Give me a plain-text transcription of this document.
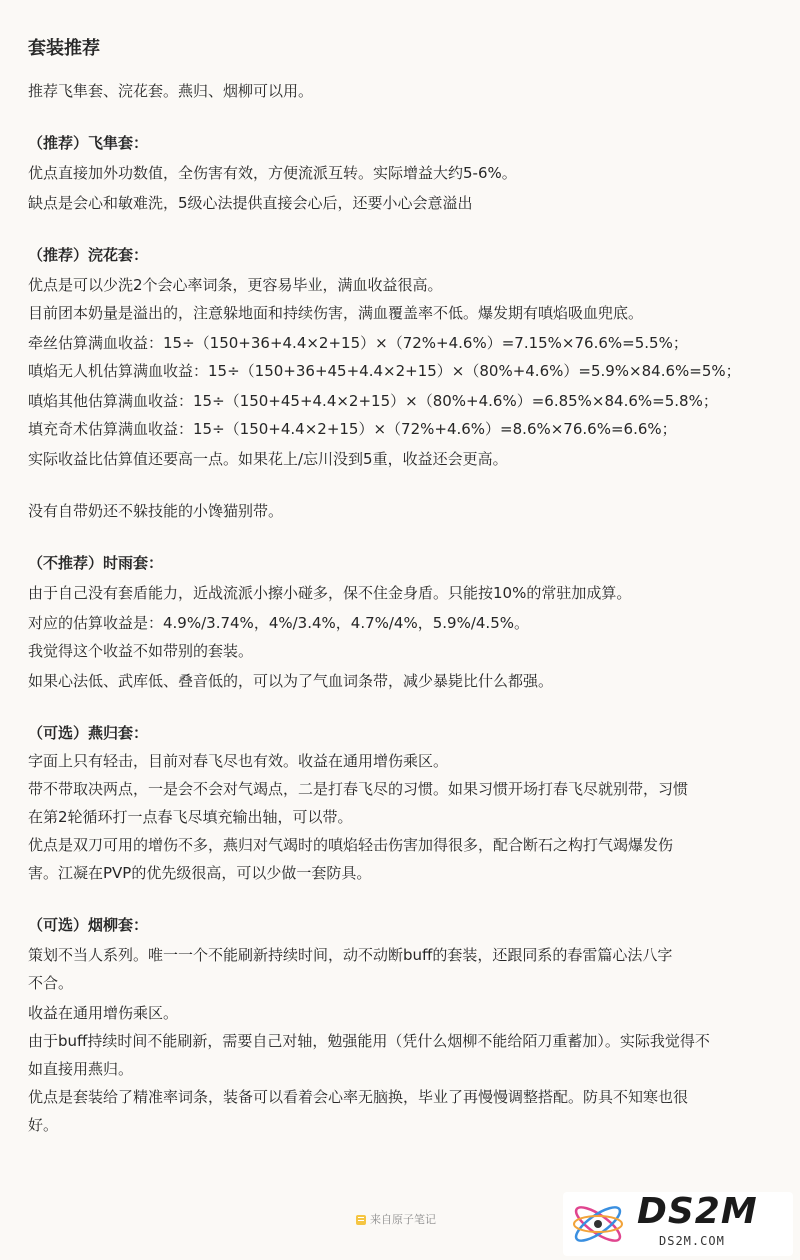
套装推荐
推荐飞隼套、浣花套。燕归、烟柳可以用。
（推荐）飞隼套：
优点直接加外功数值，全伤害有效，方便流派互转。实际增益大约5-6%。
缺点是会心和敏难洗，5级心法提供直接会心后，还要小心会意溢出
（推荐）浣花套：
优点是可以少洗2个会心率词条，更容易毕业，满血收益很高。
目前团本奶量是溢出的，注意躲地面和持续伤害，满血覆盖率不低。爆发期有嗔焰吸血兜底。
牵丝估算满血收益：15÷（150+36+4.4×2+15）×（72%+4.6%）=7.15%×76.6%=5.5%；
嗔焰无人机估算满血收益：15÷（150+36+45+4.4×2+15）×（80%+4.6%）=5.9%×84.6%=5%；
嗔焰其他估算满血收益：15÷（150+45+4.4×2+15）×（80%+4.6%）=6.85%×84.6%=5.8%；
填充奇术估算满血收益：15÷（150+4.4×2+15）×（72%+4.6%）=8.6%×76.6%=6.6%；
实际收益比估算值还要高一点。如果花上/忘川没到5重，收益还会更高。
没有自带奶还不躲技能的小馋猫别带。
（不推荐）时雨套：
由于自己没有套盾能力，近战流派小擦小碰多，保不住金身盾。只能按10%的常驻加成算。
对应的估算收益是：4.9%/3.74%，4%/3.4%，4.7%/4%，5.9%/4.5%。
我觉得这个收益不如带别的套装。
如果心法低、武库低、叠音低的，可以为了气血词条带，减少暴毙比什么都强。
（可选）燕归套：
字面上只有轻击，目前对春飞尽也有效。收益在通用增伤乘区。
带不带取决两点，一是会不会对气竭点，二是打春飞尽的习惯。如果习惯开场打春飞尽就别带，习惯
在第2轮循环打一点春飞尽填充输出轴，可以带。
优点是双刀可用的增伤不多，燕归对气竭时的嗔焰轻击伤害加得很多，配合断石之构打气竭爆发伤
害。江凝在PVP的优先级很高，可以少做一套防具。
（可选）烟柳套：
策划不当人系列。唯一一个不能刷新持续时间，动不动断buff的套装，还跟同系的春雷篇心法八字
不合。
收益在通用增伤乘区。
由于buff持续时间不能刷新，需要自己对轴，勉强能用（凭什么烟柳不能给陌刀重蓄加）。实际我觉得不
如直接用燕归。
优点是套装给了精准率词条，装备可以看着会心率无脑换，毕业了再慢慢调整搭配。防具不知寒也很
好。
来自原子笔记	DS2M
DS2M.COM
